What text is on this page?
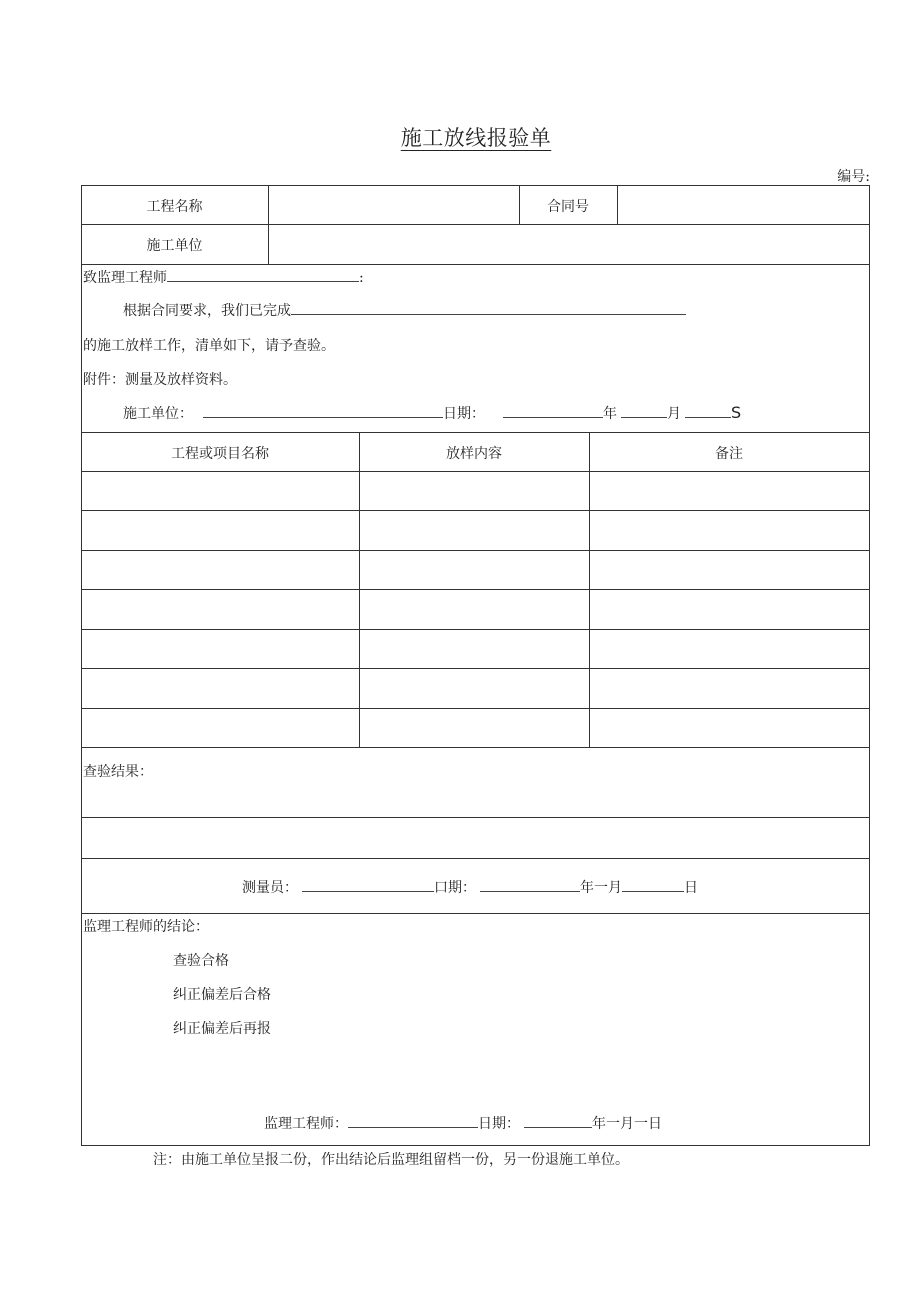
施工放线报验单
编号:
工程名称	合同号
施工单位
致监理工程师	:
根据合同要求，我们已完成
的施工放样工作，清单如下，请予查验。
附件：测量及放样资料。
施工单位：	日期：	年	月	S
工程或项目名称	放样内容	备注
查验结果：
测量员：	口期：	年一月	日
监理工程师的结论：
查验合格
纠正偏差后合格
纠正偏差后再报
监理工程师：	日期：	年一月一日
注：由施工单位呈报二份，作出结论后监理组留档一份，另一份退施工单位。
